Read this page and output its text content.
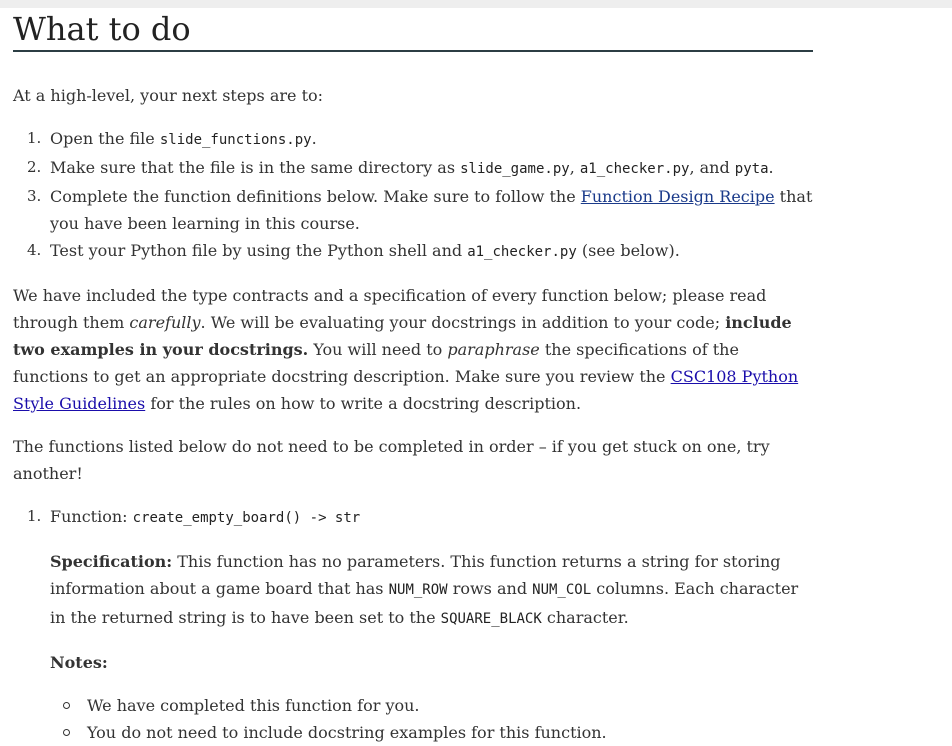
What to do

At a high-level, your next steps are to:

1. Open the file slide_functions.py.
2. Make sure that the file is in the same directory as slide_game.py, a1_checker.py, and pyta.
3. Complete the function definitions below. Make sure to follow the Function Design Recipe that you have been learning in this course.
4. Test your Python file by using the Python shell and a1_checker.py (see below).

We have included the type contracts and a specification of every function below; please read through them carefully. We will be evaluating your docstrings in addition to your code; include two examples in your docstrings. You will need to paraphrase the specifications of the functions to get an appropriate docstring description. Make sure you review the CSC108 Python Style Guidelines for the rules on how to write a docstring description.

The functions listed below do not need to be completed in order – if you get stuck on one, try another!

1. Function: create_empty_board() -> str

Specification: This function has no parameters. This function returns a string for storing information about a game board that has NUM_ROW rows and NUM_COL columns. Each character in the returned string is to have been set to the SQUARE_BLACK character.

Notes:

We have completed this function for you.
You do not need to include docstring examples for this function.
